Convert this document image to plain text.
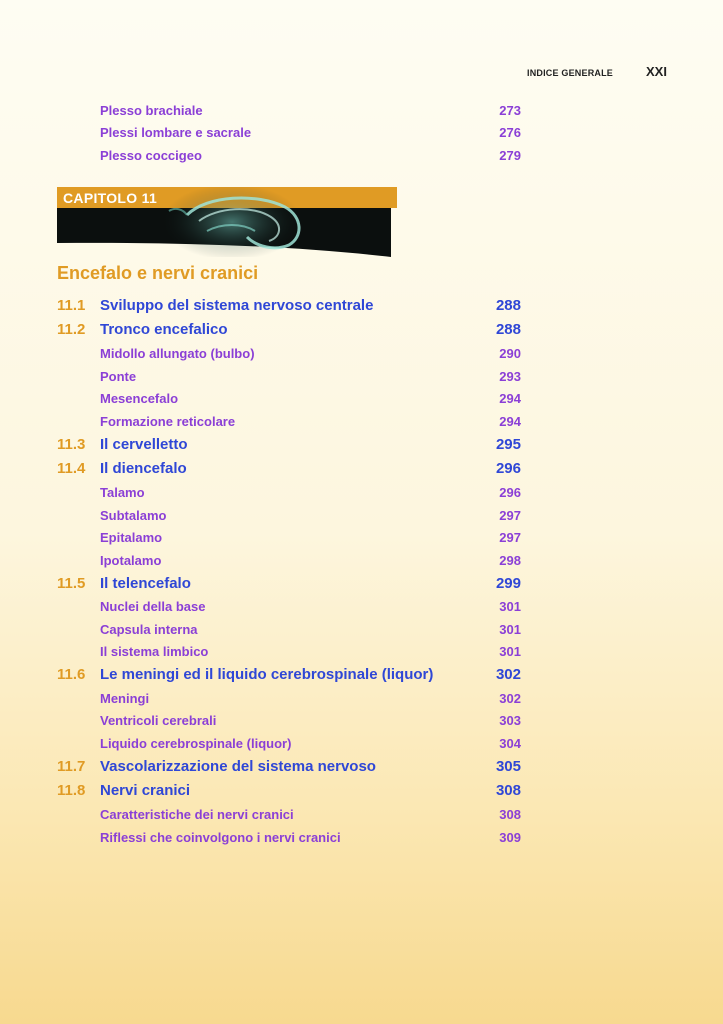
INDICE GENERALE	XXI
Plesso brachiale	273
Plessi lombare e sacrale	276
Plesso coccigeo	279
CAPITOLO 11
Encefalo e nervi cranici
11.1 Sviluppo del sistema nervoso centrale	288
11.2 Tronco encefalico	288
Midollo allungato (bulbo)	290
Ponte	293
Mesencefalo	294
Formazione reticolare	294
11.3 Il cervelletto	295
11.4 Il diencefalo	296
Talamo	296
Subtalamo	297
Epitalamo	297
Ipotalamo	298
11.5 Il telencefalo	299
Nuclei della base	301
Capsula interna	301
Il sistema limbico	301
11.6 Le meningi ed il liquido cerebrospinale (liquor)	302
Meningi	302
Ventricoli cerebrali	303
Liquido cerebrospinale (liquor)	304
11.7 Vascolarizzazione del sistema nervoso	305
11.8 Nervi cranici	308
Caratteristiche dei nervi cranici	308
Riflessi che coinvolgono i nervi cranici	309
